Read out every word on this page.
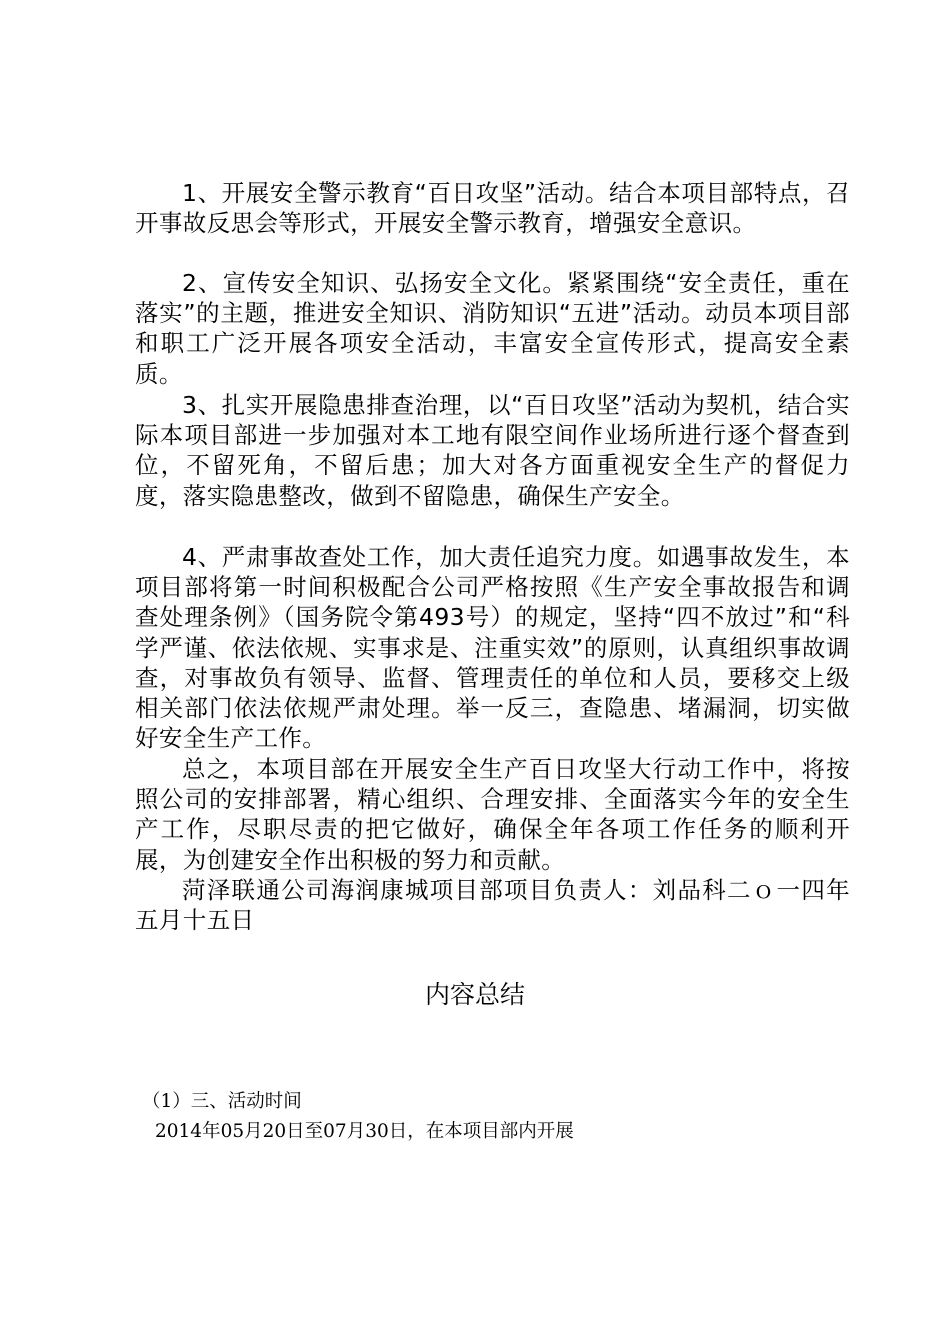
1、开展安全警示教育“百日攻坚”活动。结合本项目部特点，召开事故反思会等形式，开展安全警示教育，增强安全意识。

2、宣传安全知识、弘扬安全文化。紧紧围绕“安全责任，重在落实”的主题，推进安全知识、消防知识“五进”活动。动员本项目部和职工广泛开展各项安全活动，丰富安全宣传形式，提高安全素质。

3、扎实开展隐患排查治理，以“百日攻坚”活动为契机，结合实际本项目部进一步加强对本工地有限空间作业场所进行逐个督查到位，不留死角，不留后患；加大对各方面重视安全生产的督促力度，落实隐患整改，做到不留隐患，确保生产安全。

4、严肃事故查处工作，加大责任追究力度。如遇事故发生，本项目部将第一时间积极配合公司严格按照《生产安全事故报告和调查处理条例》（国务院令第493号）的规定，坚持“四不放过”和“科学严谨、依法依规、实事求是、注重实效”的原则，认真组织事故调查，对事故负有领导、监督、管理责任的单位和人员，要移交上级相关部门依法依规严肃处理。举一反三，查隐患、堵漏洞，切实做好安全生产工作。

总之，本项目部在开展安全生产百日攻坚大行动工作中，将按照公司的安排部署，精心组织、合理安排、全面落实今年的安全生产工作，尽职尽责的把它做好，确保全年各项工作任务的顺利开展，为创建安全作出积极的努力和贡献。

菏泽联通公司海润康城项目部项目负责人：刘品科二ｏ一四年五月十五日

内容总结
（1）三、活动时间
2014年05月20日至07月30日，在本项目部内开展
